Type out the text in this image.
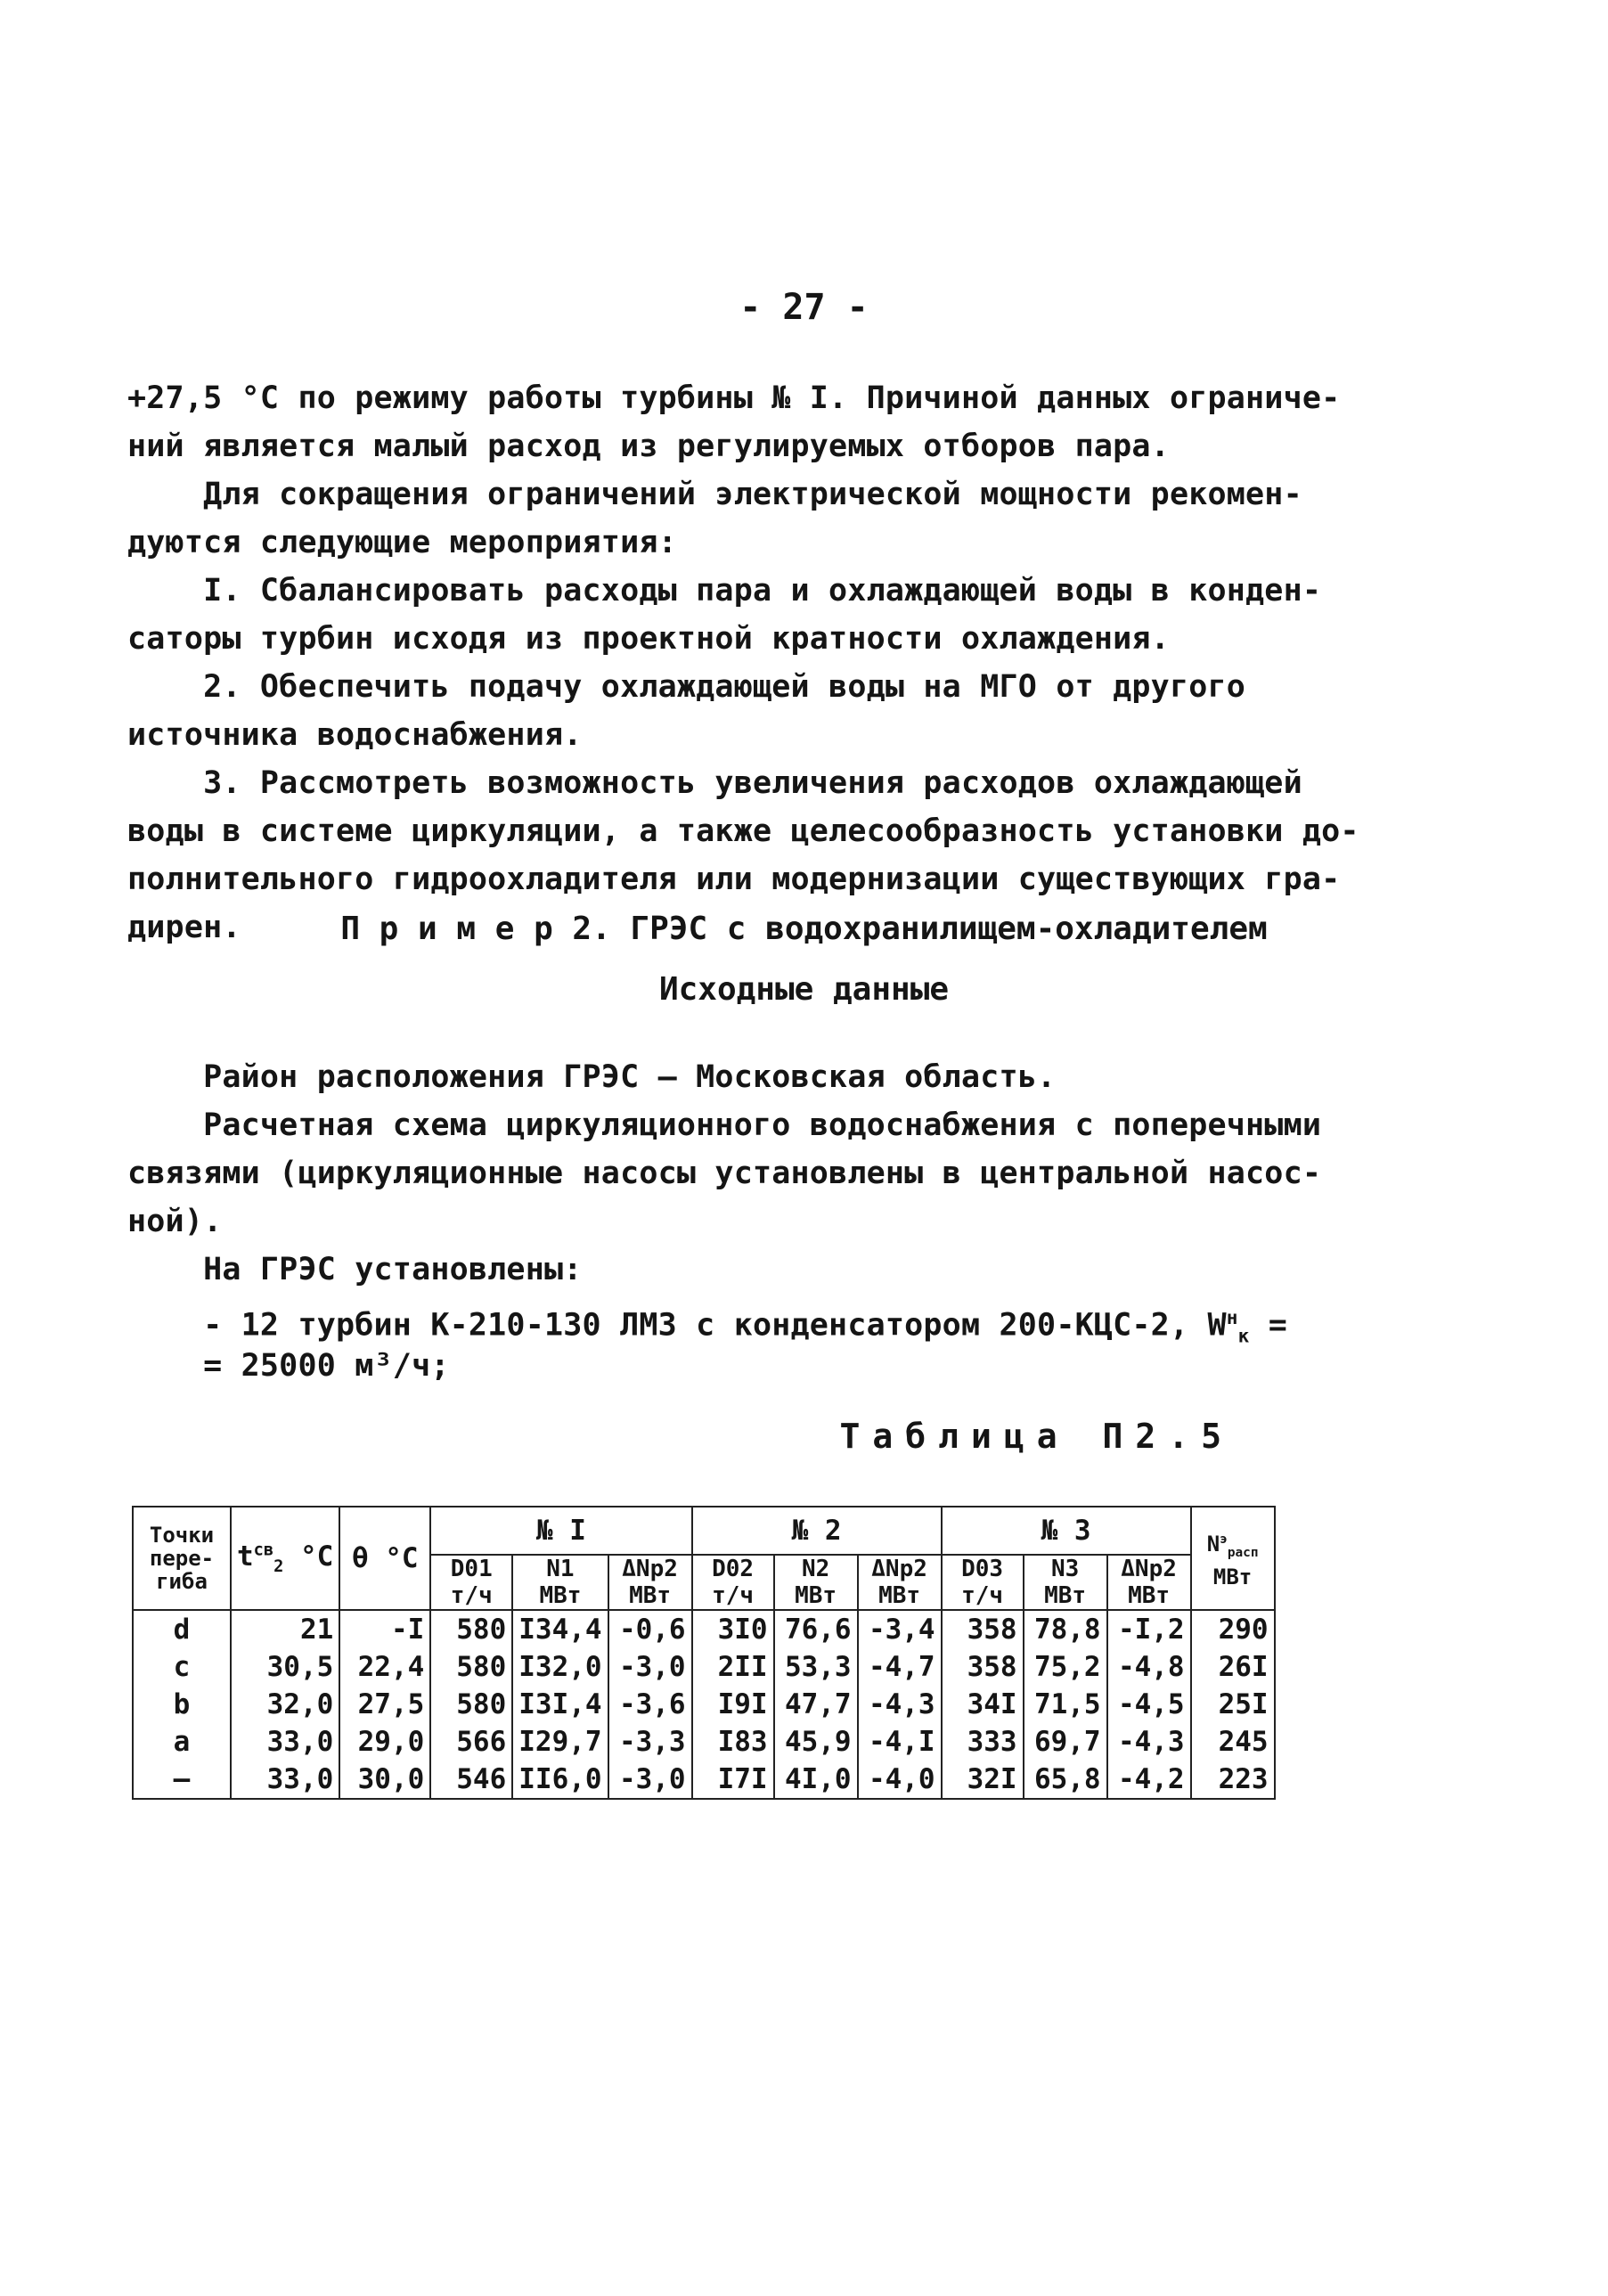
- 27 -
+27,5 °С по режиму работы турбины № I. Причиной данных ограниче-
ний является малый расход из регулируемых отборов пара.
Для сокращения ограничений электрической мощности рекомен-
дуются следующие мероприятия:
I. Сбалансировать расходы пара и охлаждающей воды в конден-
саторы турбин исходя из проектной кратности охлаждения.
2. Обеспечить подачу охлаждающей воды на МГО от другого
источника водоснабжения.
3. Рассмотреть возможность увеличения расходов охлаждающей
воды в системе циркуляции, а также целесообразность установки до-
полнительного гидроохладителя или модернизации существующих гра-
дирен.	П р и м е р 2. ГРЭС с водохранилищем-охладителем
Исходные данные
Район расположения ГРЭС – Московская область.
Расчетная схема циркуляционного водоснабжения с поперечными
связями (циркуляционные насосы установлены в центральной насос-
ной).
На ГРЭС установлены:
- 12 турбин К-210-130 ЛМЗ с конденсатором 200-КЦС-2, $W^н_к$ =
= 25000 м³/ч;
Таблица П2.5
Точки пере-гиба	$t^{св}_2$ °С	θ °С	№ I			№ 2			№ 3			$N^э_{расп}$
МВт
			D01 т/ч	N1 МВт	ΔNp2 МВт	D02 т/ч	N2 МВт	ΔNp2 МВт	D03 т/ч	N3 МВт	ΔNp2 МВт	
d	21	-I	580	I34,4	-0,6	3I0	76,6	-3,4	358	78,8	-I,2	290
c	30,5	22,4	580	I32,0	-3,0	2II	53,3	-4,7	358	75,2	-4,8	26I
b	32,0	27,5	580	I3I,4	-3,6	I9I	47,7	-4,3	34I	71,5	-4,5	25I
a	33,0	29,0	566	I29,7	-3,3	I83	45,9	-4,I	333	69,7	-4,3	245
–	33,0	30,0	546	II6,0	-3,0	I7I	4I,0	-4,0	32I	65,8	-4,2	223
